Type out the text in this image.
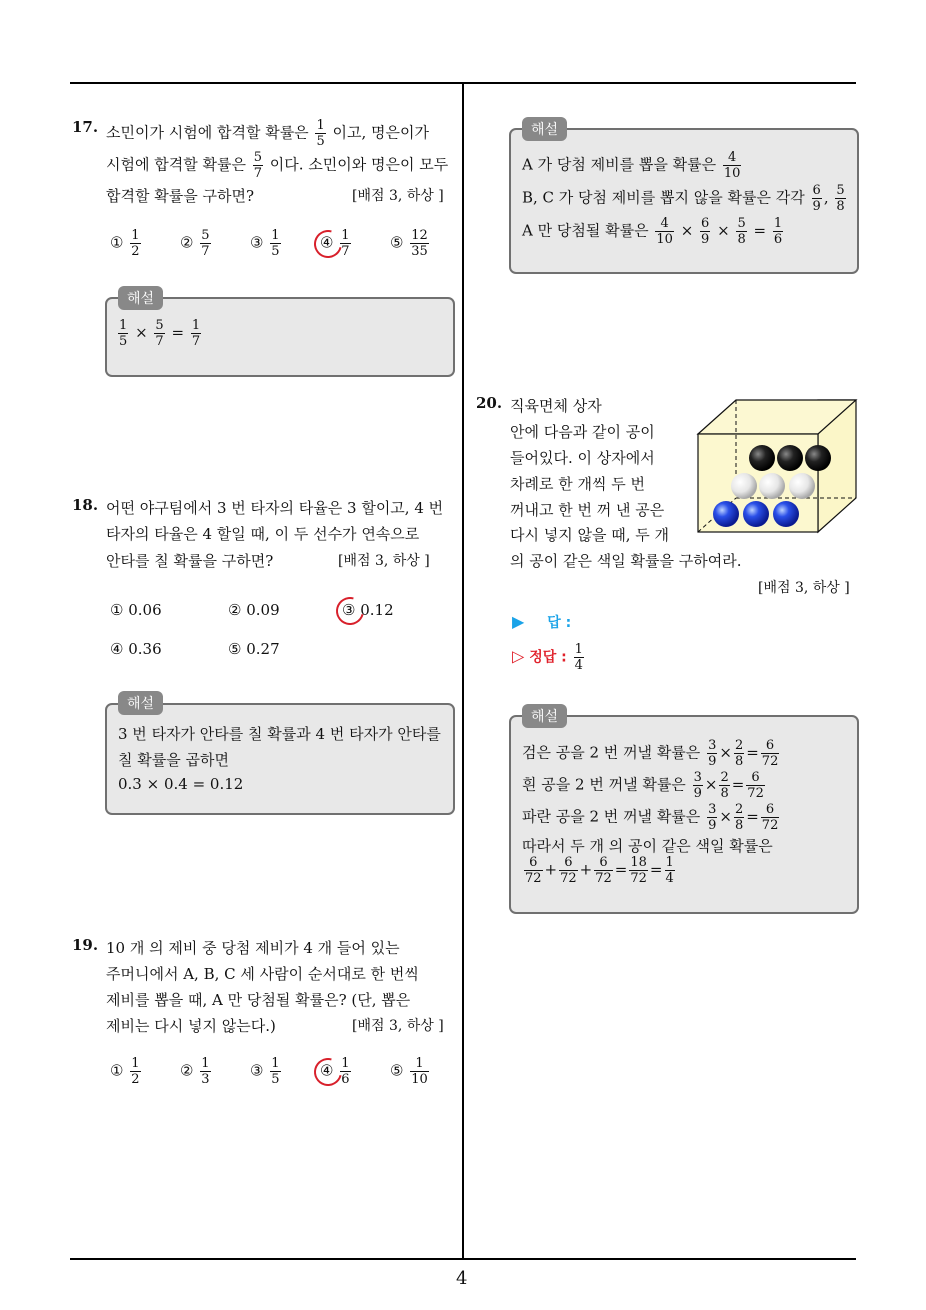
4
17. 소민이가 시험에 합격할 확률은 $\frac{1}{5}$ 이고, 명은이가
시험에 합격할 확률은 $\frac{5}{7}$ 이다. 소민이와 명은이 모두
합격할 확률을 구하면?	[배점 3, 하상 ]
① $\frac{1}{2}$	② $\frac{5}{7}$	③ $\frac{1}{5}$	④ $\frac{1}{7}$	⑤ $\frac{12}{35}$
해설
$\frac{1}{5} \times \frac{5}{7} = \frac{1}{7}$
18. 어떤 야구팀에서 3 번 타자의 타율은 3 할이고, 4 번
타자의 타율은 4 할일 때, 이 두 선수가 연속으로
안타를 칠 확률을 구하면?	[배점 3, 하상 ]
① 0.06	② 0.09	③ 0.12
④ 0.36	⑤ 0.27
해설
3 번 타자가 안타를 칠 확률과 4 번 타자가 안타를
칠 확률을 곱하면
0.3 × 0.4 = 0.12
19. 10 개 의 제비 중 당첨 제비가 4 개 들어 있는
주머니에서 A, B, C 세 사람이 순서대로 한 번씩
제비를 뽑을 때, A 만 당첨될 확률은? (단, 뽑은
제비는 다시 넣지 않는다.)	[배점 3, 하상 ]
① $\frac{1}{2}$	② $\frac{1}{3}$	③ $\frac{1}{5}$	④ $\frac{1}{6}$	⑤ $\frac{1}{10}$
해설
A 가 당첨 제비를 뽑을 확률은 $\frac{4}{10}$
B, C 가 당첨 제비를 뽑지 않을 확률은 각각 $\frac{6}{9}$ , $\frac{5}{8}$
A 만 당첨될 확률은 $\frac{4}{10} \times \frac{6}{9} \times \frac{5}{8} = \frac{1}{6}$
20. 직육면체 상자
안에 다음과 같이 공이
들어있다. 이 상자에서
차례로 한 개씩 두 번
꺼내고 한 번 꺼 낸 공은
다시 넣지 않을 때, 두 개
의 공이 같은 색일 확률을 구하여라.
[배점 3, 하상 ]
▶ 답 :
▷ 정답 : $\frac{1}{4}$
해설
검은 공을 2 번 꺼낼 확률은 $\frac{3}{9} \times \frac{2}{8} = \frac{6}{72}$
흰 공을 2 번 꺼낼 확률은 $\frac{3}{9} \times \frac{2}{8} = \frac{6}{72}$
파란 공을 2 번 꺼낼 확률은 $\frac{3}{9} \times \frac{2}{8} = \frac{6}{72}$
따라서 두 개 의 공이 같은 색일 확률은
$\frac{6}{72} + \frac{6}{72} + \frac{6}{72} = \frac{18}{72} = \frac{1}{4}$
